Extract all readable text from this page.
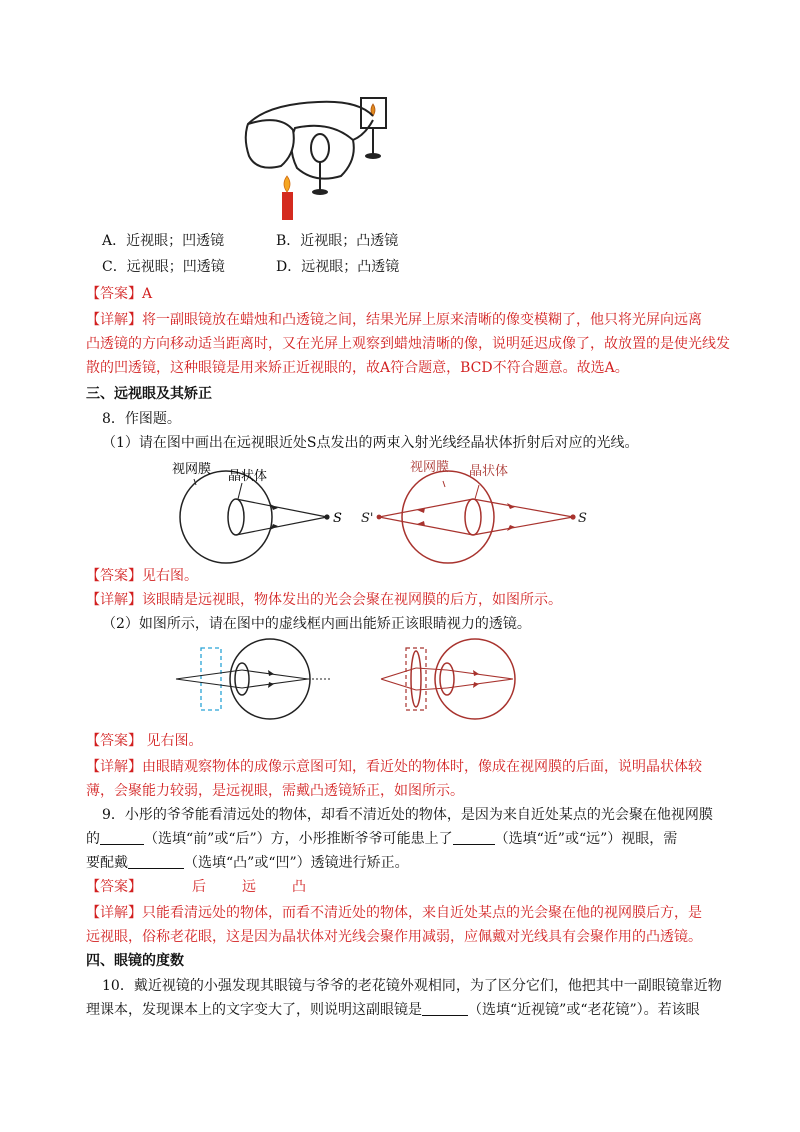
A．近视眼；凹透镜	B．近视眼；凸透镜
C．远视眼；凹透镜	D．远视眼；凸透镜
【答案】A
【详解】将一副眼镜放在蜡烛和凸透镜之间，结果光屏上原来清晰的像变模糊了，他只将光屏向远离
凸透镜的方向移动适当距离时，又在光屏上观察到蜡烛清晰的像，说明延迟成像了，故放置的是使光线发
散的凹透镜，这种眼镜是用来矫正近视眼的，故A符合题意，BCD不符合题意。故选A。
三、远视眼及其矫正
8．作图题。
（1）请在图中画出在远视眼近处S点发出的两束入射光线经晶状体折射后对应的光线。
视网膜 晶状体
S
视网膜 晶状体
S
S'
【答案】见右图。
【详解】该眼睛是远视眼，物体发出的光会会聚在视网膜的后方，如图所示。
（2）如图所示，请在图中的虚线框内画出能矫正该眼睛视力的透镜。
【答案】 见右图。
【详解】由眼睛观察物体的成像示意图可知，看近处的物体时，像成在视网膜的后面，说明晶状体较
薄，会聚能力较弱，是远视眼，需戴凸透镜矫正，如图所示。
9．小彤的爷爷能看清远处的物体，却看不清近处的物体，是因为来自近处某点的光会聚在他视网膜
的	（选填“前”或“后”）方，小彤推断爷爷可能患上了	（选填“近”或“远”）视眼，需
要配戴	（选填“凸”或“凹”）透镜进行矫正。
【答案】	后	远	凸
【详解】只能看清远处的物体，而看不清近处的物体，来自近处某点的光会聚在他的视网膜后方，是
远视眼，俗称老花眼，这是因为晶状体对光线会聚作用减弱，应佩戴对光线具有会聚作用的凸透镜。
四、眼镜的度数
10．戴近视镜的小强发现其眼镜与爷爷的老花镜外观相同，为了区分它们，他把其中一副眼镜靠近物
理课本，发现课本上的文字变大了，则说明这副眼镜是	（选填“近视镜”或“老花镜”）。若该眼
